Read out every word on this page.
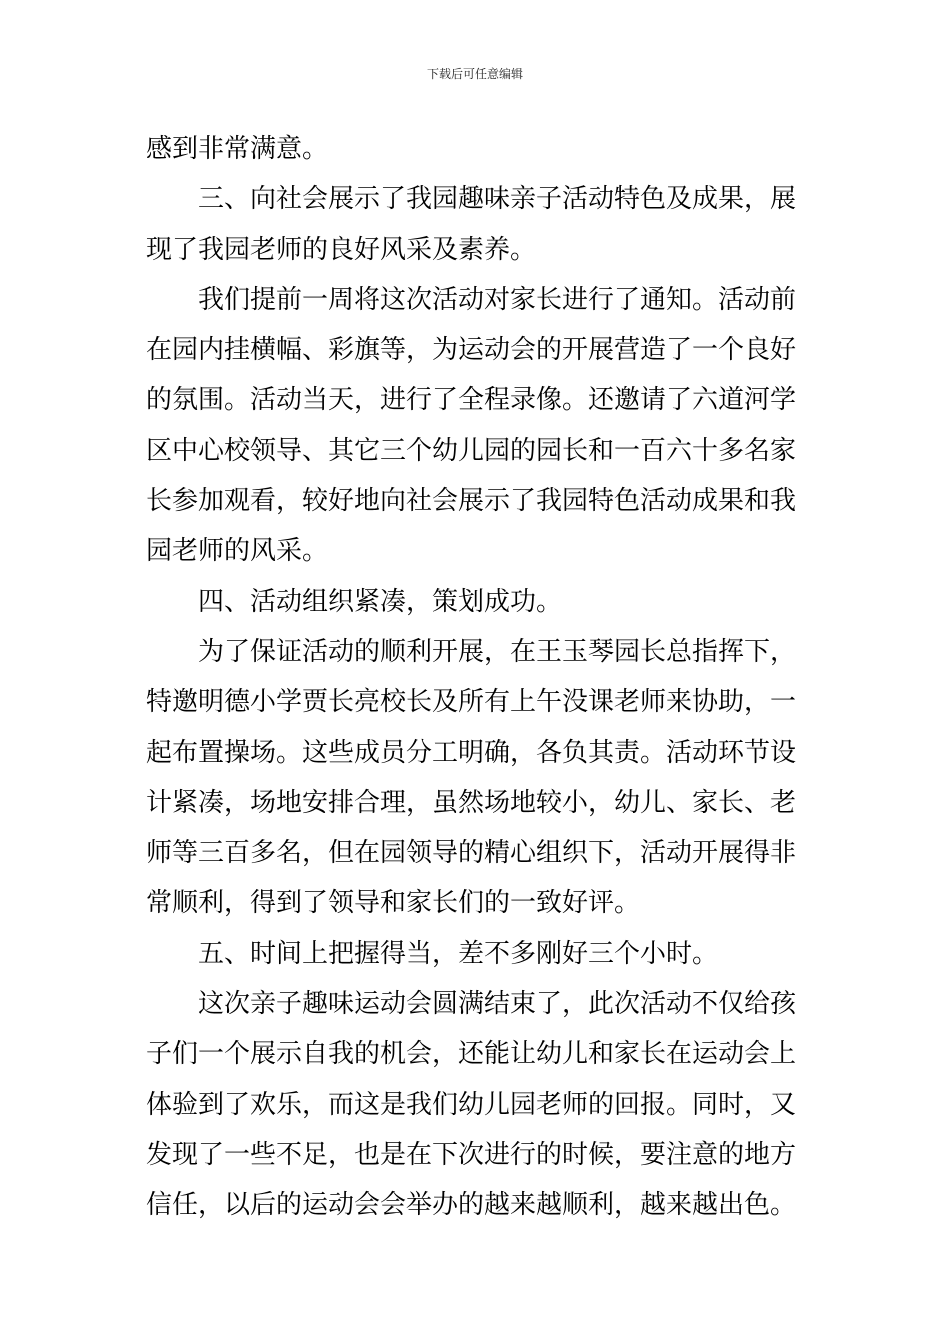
下载后可任意编辑
感到非常满意。
三、向社会展示了我园趣味亲子活动特色及成果，展
现了我园老师的良好风采及素养。
我们提前一周将这次活动对家长进行了通知。活动前
在园内挂横幅、彩旗等，为运动会的开展营造了一个良好
的氛围。活动当天，进行了全程录像。还邀请了六道河学
区中心校领导、其它三个幼儿园的园长和一百六十多名家
长参加观看，较好地向社会展示了我园特色活动成果和我
园老师的风采。
四、活动组织紧凑，策划成功。
为了保证活动的顺利开展，在王玉琴园长总指挥下，
特邀明德小学贾长亮校长及所有上午没课老师来协助，一
起布置操场。这些成员分工明确，各负其责。活动环节设
计紧凑，场地安排合理，虽然场地较小，幼儿、家长、老
师等三百多名，但在园领导的精心组织下，活动开展得非
常顺利，得到了领导和家长们的一致好评。
五、时间上把握得当，差不多刚好三个小时。
这次亲子趣味运动会圆满结束了，此次活动不仅给孩
子们一个展示自我的机会，还能让幼儿和家长在运动会上
体验到了欢乐，而这是我们幼儿园老师的回报。同时，又
发现了一些不足，也是在下次进行的时候，要注意的地方
信任，以后的运动会会举办的越来越顺利，越来越出色。
